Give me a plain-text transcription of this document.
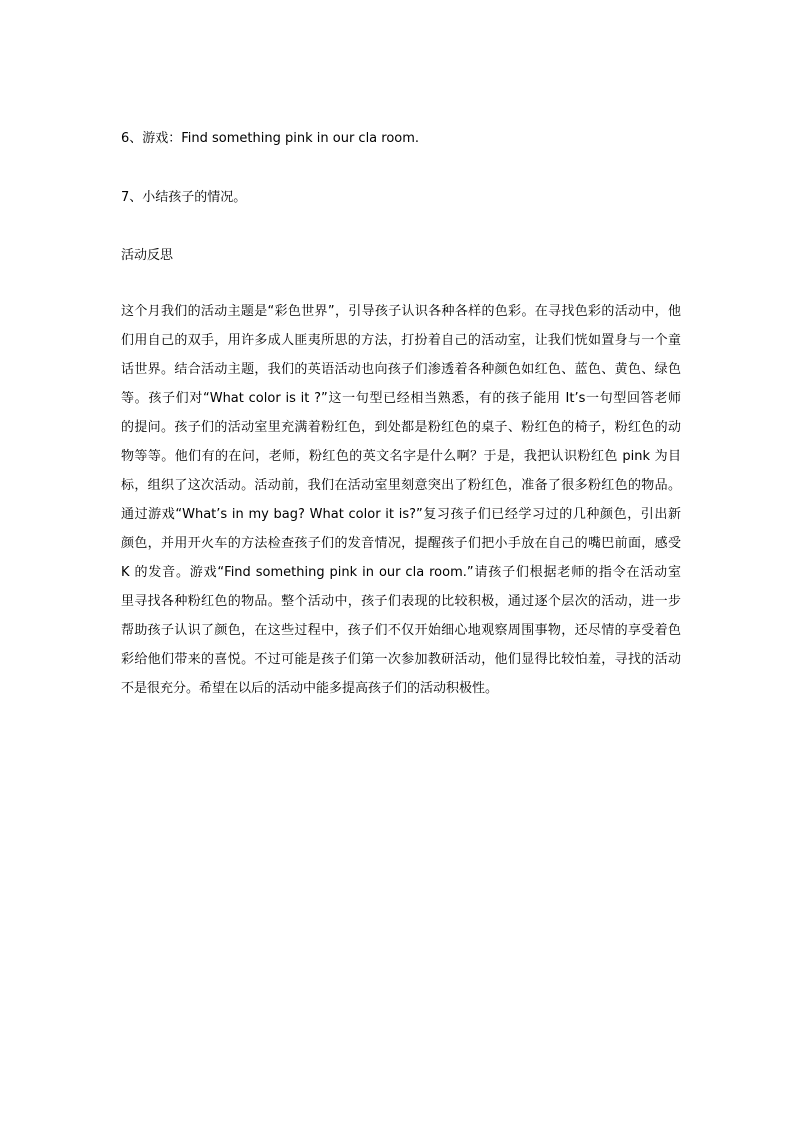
6、游戏：Find something pink in our cla room.

7、小结孩子的情况。

活动反思

这个月我们的活动主题是“彩色世界”，引导孩子认识各种各样的色彩。在寻找色彩的活动中，他
们用自己的双手，用许多成人匪夷所思的方法，打扮着自己的活动室，让我们恍如置身与一个童
话世界。结合活动主题，我们的英语活动也向孩子们渗透着各种颜色如红色、蓝色、黄色、绿色
等。孩子们对“What color is it ?”这一句型已经相当熟悉，有的孩子能用 It’s一句型回答老师
的提问。孩子们的活动室里充满着粉红色，到处都是粉红色的桌子、粉红色的椅子，粉红色的动
物等等。他们有的在问，老师，粉红色的英文名字是什么啊？于是，我把认识粉红色 pink 为目
标，组织了这次活动。活动前，我们在活动室里刻意突出了粉红色，准备了很多粉红色的物品。
通过游戏“What’s in my bag? What color it is?”复习孩子们已经学习过的几种颜色，引出新
颜色，并用开火车的方法检查孩子们的发音情况，提醒孩子们把小手放在自己的嘴巴前面，感受
K 的发音。游戏“Find something pink in our cla room.”请孩子们根据老师的指令在活动室
里寻找各种粉红色的物品。整个活动中，孩子们表现的比较积极，通过逐个层次的活动，进一步
帮助孩子认识了颜色，在这些过程中，孩子们不仅开始细心地观察周围事物，还尽情的享受着色
彩给他们带来的喜悦。不过可能是孩子们第一次参加教研活动，他们显得比较怕羞，寻找的活动
不是很充分。希望在以后的活动中能多提高孩子们的活动积极性。
